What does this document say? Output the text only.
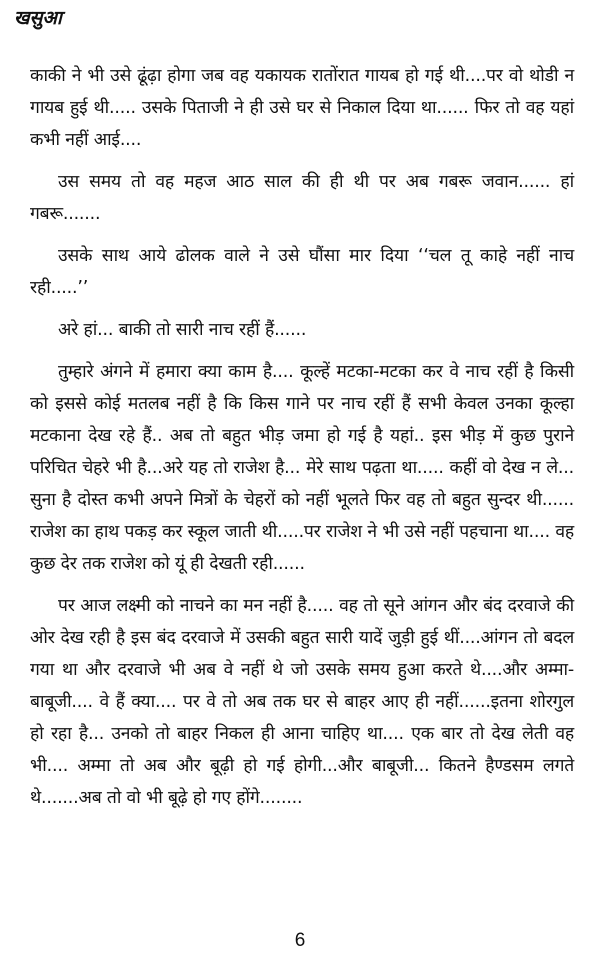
खसुआ

काकी ने भी उसे ढूंढ़ा होगा जब वह यकायक रातोंरात गायब हो गई थी....पर वो थोडी न गायब हुई थी..... उसके पिताजी ने ही उसे घर से निकाल दिया था...... फिर तो वह यहां कभी नहीं आई....

उस समय तो वह महज आठ साल की ही थी पर अब गबरू जवान...... हां गबरू.......

उसके साथ आये ढोलक वाले ने उसे घौंसा मार दिया ‘‘चल तू काहे नहीं नाच रही.....’’

अरे हां... बाकी तो सारी नाच रहीं हैं......

तुम्हारे अंगने में हमारा क्या काम है.... कूल्हें मटका-मटका कर वे नाच रहीं है किसी को इससे कोई मतलब नहीं है कि किस गाने पर नाच रहीं हैं सभी केवल उनका कूल्हा मटकाना देख रहे हैं.. अब तो बहुत भीड़ जमा हो गई है यहां.. इस भीड़ में कुछ पुराने परिचित चेहरे भी है...अरे यह तो राजेश है... मेरे साथ पढ़ता था..... कहीं वो देख न ले... सुना है दोस्त कभी अपने मित्रों के चेहरों को नहीं भूलते फिर वह तो बहुत सुन्दर थी...... राजेश का हाथ पकड़ कर स्कूल जाती थी.....पर राजेश ने भी उसे नहीं पहचाना था.... वह कुछ देर तक राजेश को यूं ही देखती रही......

पर आज लक्ष्मी को नाचने का मन नहीं है..... वह तो सूने आंगन और बंद दरवाजे की ओर देख रही है इस बंद दरवाजे में उसकी बहुत सारी यादें जुड़ी हुई थीं....आंगन तो बदल गया था और दरवाजे भी अब वे नहीं थे जो उसके समय हुआ करते थे....और अम्मा-बाबूजी.... वे हैं क्या.... पर वे तो अब तक घर से बाहर आए ही नहीं......इतना शोरगुल हो रहा है... उनको तो बाहर निकल ही आना चाहिए था.... एक बार तो देख लेती वह भी.... अम्मा तो अब और बूढ़ी हो गई होगी...और बाबूजी... कितने हैण्डसम लगते थे.......अब तो वो भी बूढ़े हो गए होंगे........

6
